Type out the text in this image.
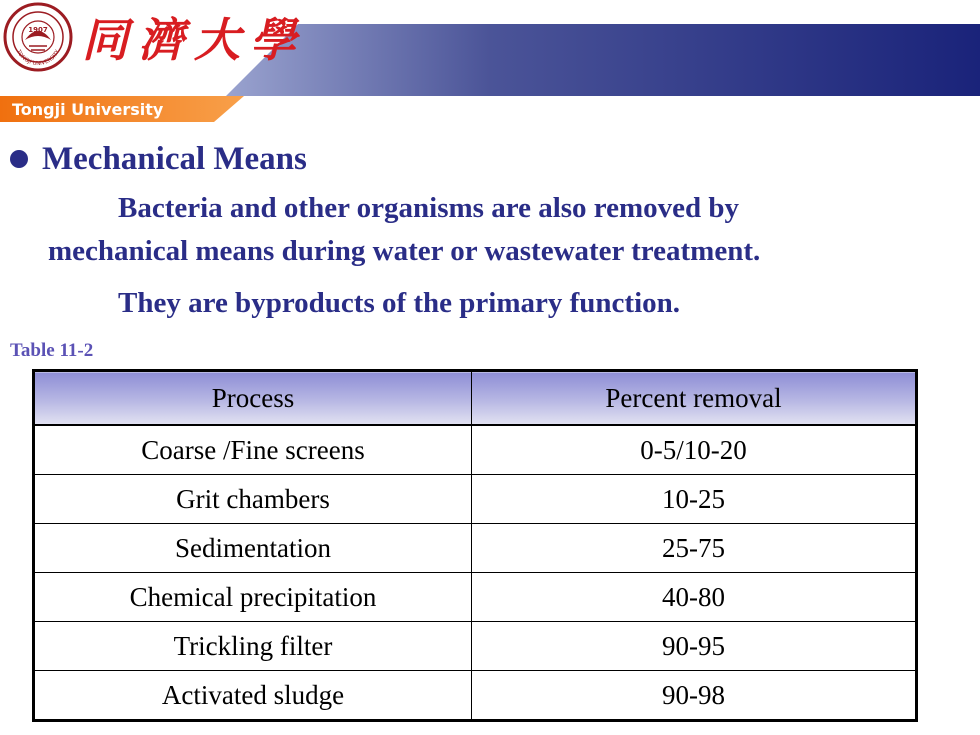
1907
TONGJI UNIVERSITY 同 濟 大 學
Tongji University
Mechanical Means
Bacteria and other organisms are also removed by
mechanical means during water or wastewater treatment.
They are byproducts of the primary function.
Table 11-2
Process	Percent removal
Coarse /Fine screens	0-5/10-20
Grit chambers	10-25
Sedimentation	25-75
Chemical precipitation	40-80
Trickling filter	90-95
Activated sludge	90-98
